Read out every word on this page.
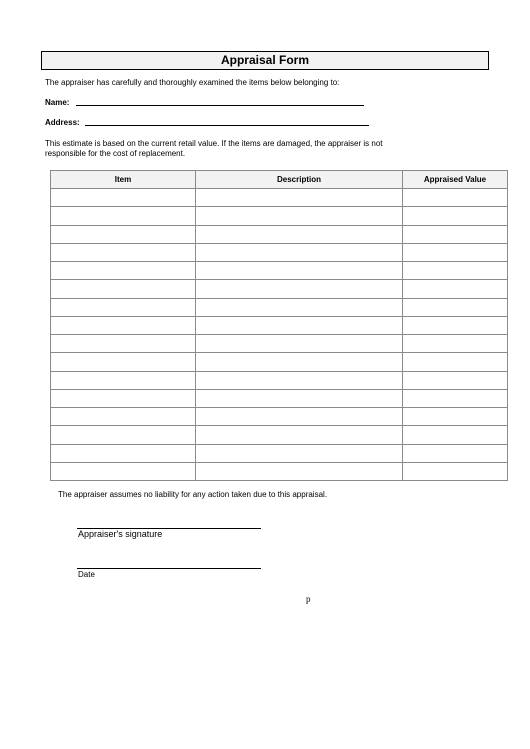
Appraisal Form
The appraiser has carefully and thoroughly examined the items below belonging to:
Name:
Address:
This estimate is based on the current retail value. If the items are damaged, the appraiser is not
responsible for the cost of replacement.
Item	Description	Appraised Value

The appraiser assumes no liability for any action taken due to this appraisal.
Appraiser's signature
Date
p
